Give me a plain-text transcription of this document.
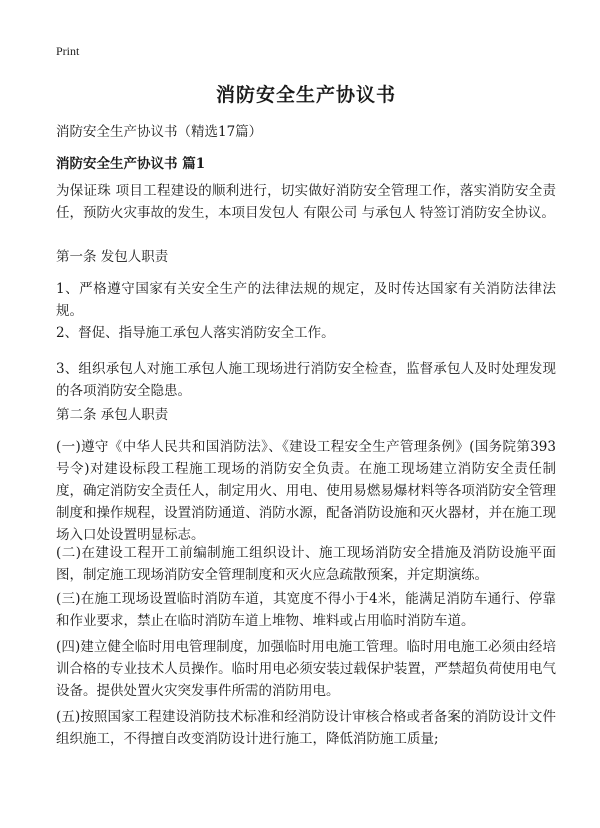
Print
消防安全生产协议书
消防安全生产协议书（精选17篇）
消防安全生产协议书 篇1

为保证珠 项目工程建设的顺利进行，切实做好消防安全管理工作，落实消防安全责任，预防火灾事故的发生，本项目发包人 有限公司 与承包人 特签订消防安全协议。

第一条 发包人职责

1、严格遵守国家有关安全生产的法律法规的规定，及时传达国家有关消防法律法规。

2、督促、指导施工承包人落实消防安全工作。

3、组织承包人对施工承包人施工现场进行消防安全检查，监督承包人及时处理发现的各项消防安全隐患。

第二条 承包人职责

(一)遵守《中华人民共和国消防法》、《建设工程安全生产管理条例》(国务院第393号令)对建设标段工程施工现场的消防安全负责。在施工现场建立消防安全责任制度，确定消防安全责任人，制定用火、用电、使用易燃易爆材料等各项消防安全管理制度和操作规程，设置消防通道、消防水源，配备消防设施和灭火器材，并在施工现场入口处设置明显标志。

(二)在建设工程开工前编制施工组织设计、施工现场消防安全措施及消防设施平面图，制定施工现场消防安全管理制度和灭火应急疏散预案，并定期演练。

(三)在施工现场设置临时消防车道，其宽度不得小于4米，能满足消防车通行、停靠和作业要求，禁止在临时消防车道上堆物、堆料或占用临时消防车道。

(四)建立健全临时用电管理制度，加强临时用电施工管理。临时用电施工必须由经培训合格的专业技术人员操作。临时用电必须安装过载保护装置，严禁超负荷使用电气设备。提供处置火灾突发事件所需的消防用电。

(五)按照国家工程建设消防技术标准和经消防设计审核合格或者备案的消防设计文件组织施工，不得擅自改变消防设计进行施工，降低消防施工质量;
